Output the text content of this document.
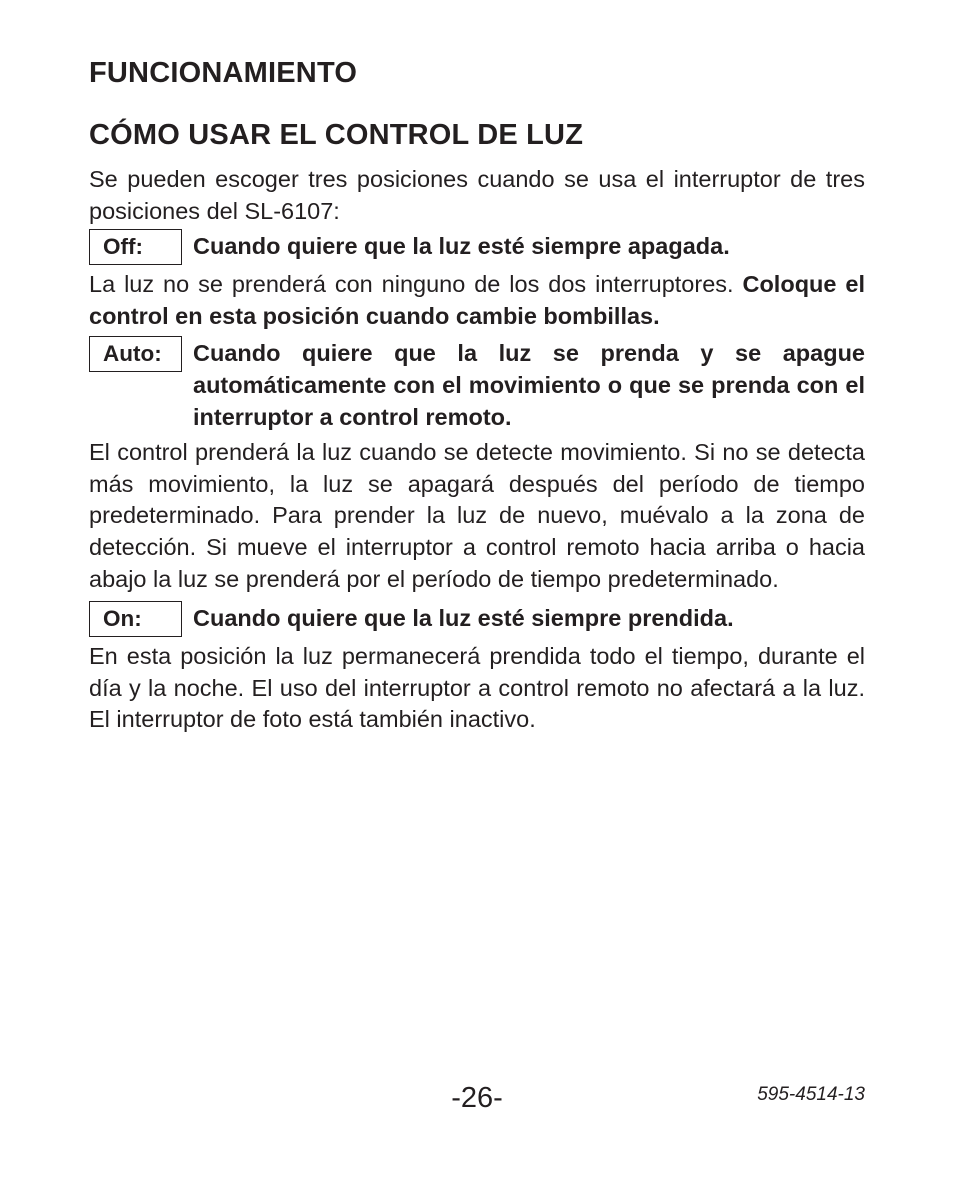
FUNCIONAMIENTO
CÓMO USAR EL CONTROL DE LUZ

Se pueden escoger tres posiciones cuando se usa el interruptor de tres posiciones del SL-6107:

Off:	Cuando quiere que la luz esté siempre apagada.

La luz no se prenderá con ninguno de los dos interruptores. Coloque el control en esta posición cuando cambie bombillas.

Auto:	Cuando quiere que la luz se prenda y se apague automáticamente con el movimiento o que se prenda con el interruptor a control remoto.

El control prenderá la luz cuando se detecte movimiento. Si no se detecta más movimiento, la luz se apagará después del período de tiempo predeterminado. Para prender la luz de nuevo, muévalo a la zona de detección. Si mueve el interruptor a control remoto hacia arriba o hacia abajo la luz se prenderá por el período de tiempo predeterminado.

On:	Cuando quiere que la luz esté siempre prendida.

En esta posición la luz permanecerá prendida todo el tiempo, durante el día y la noche. El uso del interruptor a control remoto no afectará a la luz. El interruptor de foto está también inactivo.

-26-	595-4514-13
